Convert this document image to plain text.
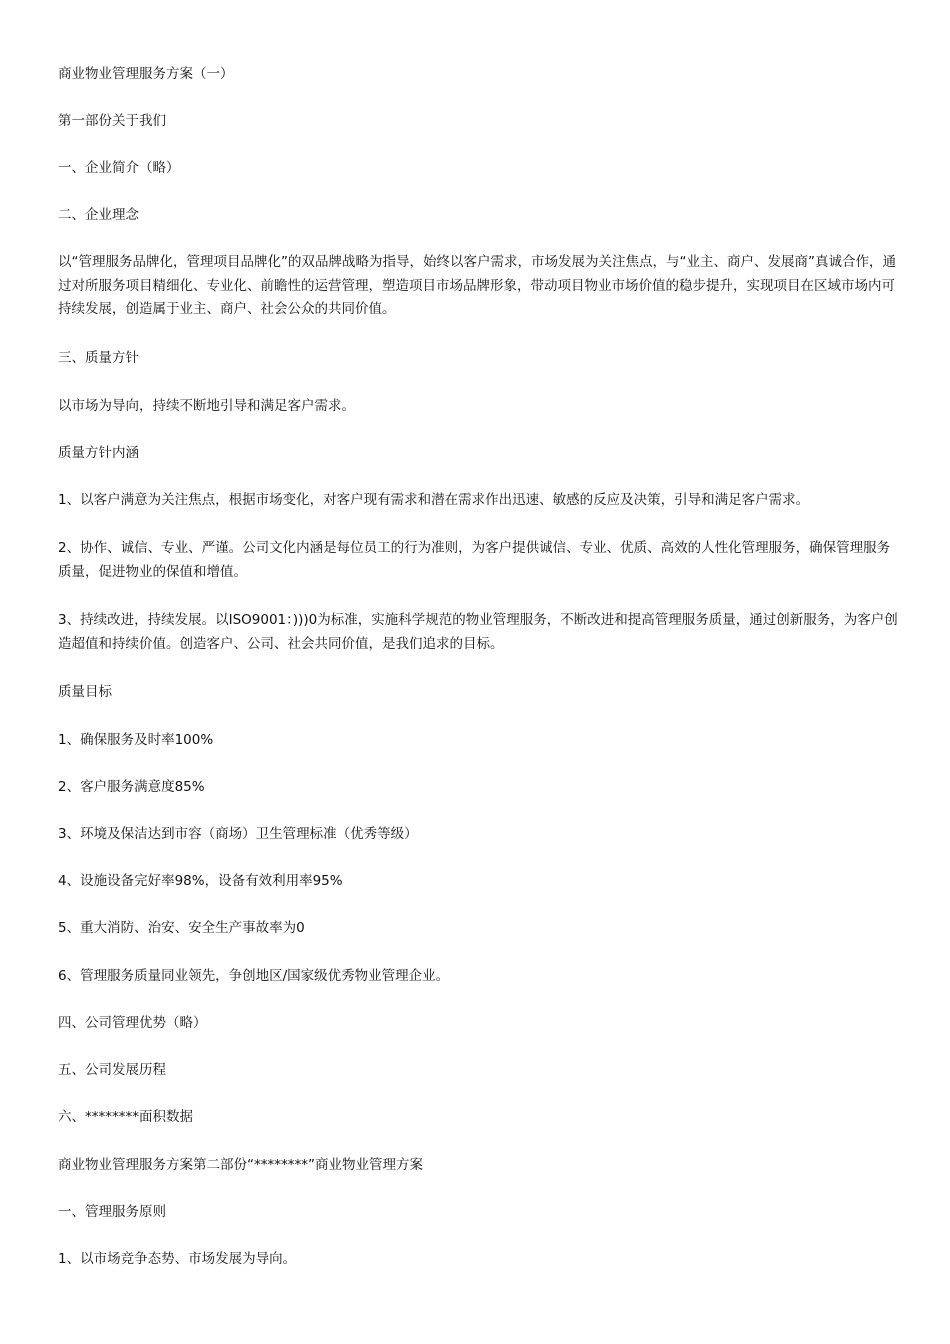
商业物业管理服务方案（一）

第一部份关于我们

一、企业简介（略）

二、企业理念

以“管理服务品牌化，管理项目品牌化”的双品牌战略为指导，始终以客户需求，市场发展为关注焦点，与“业主、商户、发展商”真诚合作，通过对所服务项目精细化、专业化、前瞻性的运营管理，塑造项目市场品牌形象，带动项目物业市场价值的稳步提升，实现项目在区域市场内可持续发展，创造属于业主、商户、社会公众的共同价值。

三、质量方针

以市场为导向，持续不断地引导和满足客户需求。

质量方针内涵

1、以客户满意为关注焦点，根据市场变化，对客户现有需求和潜在需求作出迅速、敏感的反应及决策，引导和满足客户需求。

2、协作、诚信、专业、严谨。公司文化内涵是每位员工的行为准则，为客户提供诚信、专业、优质、高效的人性化管理服务，确保管理服务质量，促进物业的保值和增值。

3、持续改进，持续发展。以ISO9001：)))0为标准，实施科学规范的物业管理服务，不断改进和提高管理服务质量，通过创新服务，为客户创造超值和持续价值。创造客户、公司、社会共同价值，是我们追求的目标。

质量目标

1、确保服务及时率100%

2、客户服务满意度85%

3、环境及保洁达到市容（商场）卫生管理标准（优秀等级）

4、设施设备完好率98%，设备有效利用率95%

5、重大消防、治安、安全生产事故率为0

6、管理服务质量同业领先，争创地区/国家级优秀物业管理企业。

四、公司管理优势（略）

五、公司发展历程

六、********面积数据

商业物业管理服务方案第二部份“********”商业物业管理方案

一、管理服务原则

1、以市场竞争态势、市场发展为导向。
